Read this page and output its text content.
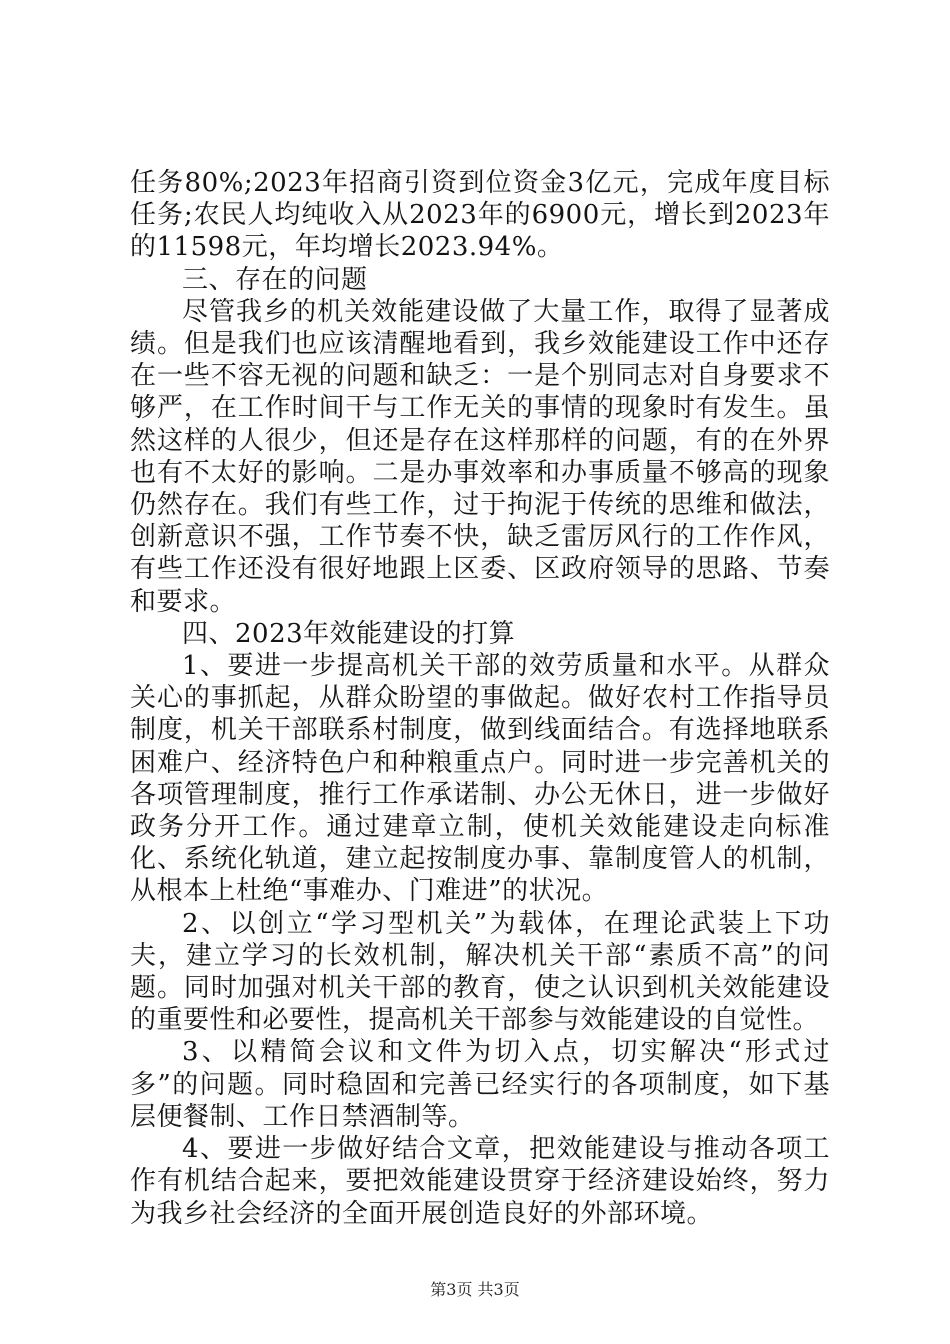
任务80%;2023年招商引资到位资金3亿元，完成年度目标任务;农民人均纯收入从2023年的6900元，增长到2023年的11598元，年均增长2023.94%。

三、存在的问题

尽管我乡的机关效能建设做了大量工作，取得了显著成绩。但是我们也应该清醒地看到，我乡效能建设工作中还存在一些不容无视的问题和缺乏：一是个别同志对自身要求不够严，在工作时间干与工作无关的事情的现象时有发生。虽然这样的人很少，但还是存在这样那样的问题，有的在外界也有不太好的影响。二是办事效率和办事质量不够高的现象仍然存在。我们有些工作，过于拘泥于传统的思维和做法，创新意识不强，工作节奏不快，缺乏雷厉风行的工作作风，有些工作还没有很好地跟上区委、区政府领导的思路、节奏和要求。

四、2023年效能建设的打算

1、要进一步提高机关干部的效劳质量和水平。从群众关心的事抓起，从群众盼望的事做起。做好农村工作指导员制度，机关干部联系村制度，做到线面结合。有选择地联系困难户、经济特色户和种粮重点户。同时进一步完善机关的各项管理制度，推行工作承诺制、办公无休日，进一步做好政务分开工作。通过建章立制，使机关效能建设走向标准化、系统化轨道，建立起按制度办事、靠制度管人的机制，从根本上杜绝“事难办、门难进”的状况。

2、以创立“学习型机关”为载体，在理论武装上下功夫，建立学习的长效机制，解决机关干部“素质不高”的问题。同时加强对机关干部的教育，使之认识到机关效能建设的重要性和必要性，提高机关干部参与效能建设的自觉性。

3、以精简会议和文件为切入点，切实解决“形式过多”的问题。同时稳固和完善已经实行的各项制度，如下基层便餐制、工作日禁酒制等。

4、要进一步做好结合文章，把效能建设与推动各项工作有机结合起来，要把效能建设贯穿于经济建设始终，努力为我乡社会经济的全面开展创造良好的外部环境。

第3页 共3页
